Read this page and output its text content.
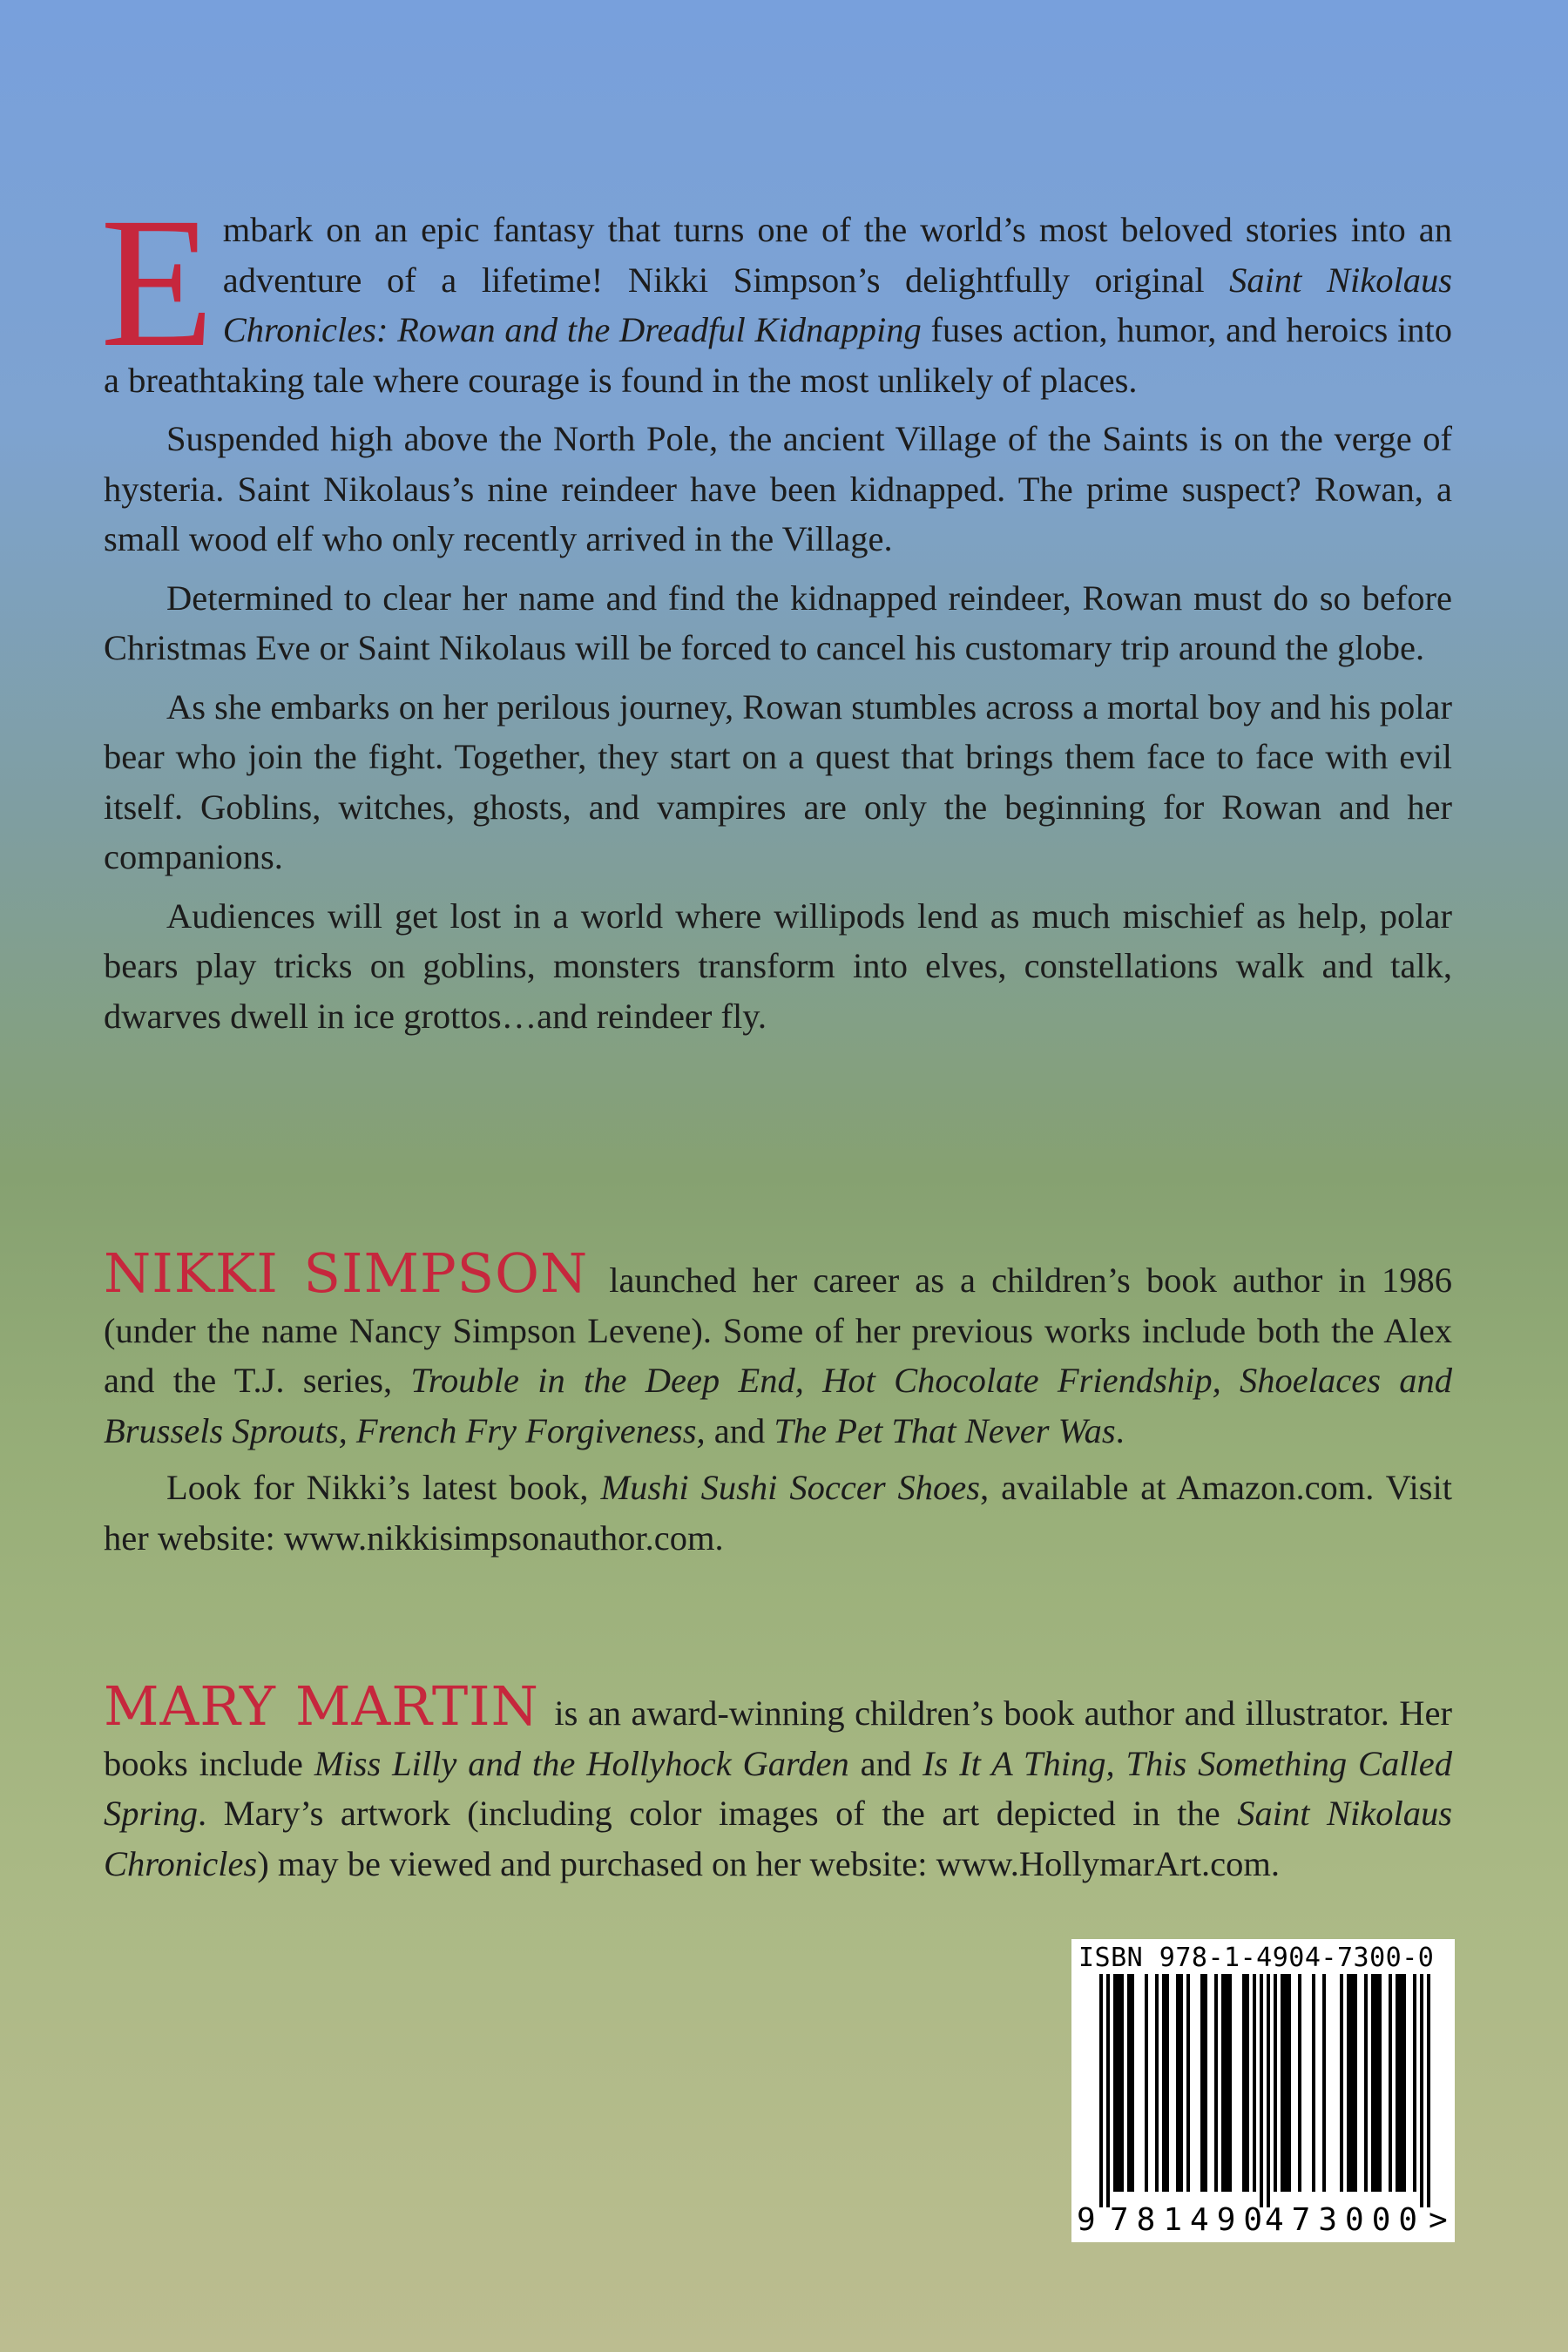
Embark on an epic fantasy that turns one of the world’s most beloved stories into an adventure of a lifetime! Nikki Simpson’s delightfully original Saint Nikolaus Chronicles: Rowan and the Dreadful Kidnapping fuses action, humor, and heroics into a breathtaking tale where courage is found in the most unlikely of places.

Suspended high above the North Pole, the ancient Village of the Saints is on the verge of hysteria. Saint Nikolaus’s nine reindeer have been kidnapped. The prime suspect? Rowan, a small wood elf who only recently arrived in the Village.

Determined to clear her name and find the kidnapped reindeer, Rowan must do so before Christmas Eve or Saint Nikolaus will be forced to cancel his customary trip around the globe.

As she embarks on her perilous journey, Rowan stumbles across a mortal boy and his polar bear who join the fight. Together, they start on a quest that brings them face to face with evil itself. Goblins, witches, ghosts, and vampires are only the beginning for Rowan and her companions.

Audiences will get lost in a world where willipods lend as much mischief as help, polar bears play tricks on goblins, monsters transform into elves, constellations walk and talk, dwarves dwell in ice grottos…and reindeer fly.

NIKKI SIMPSON launched her career as a children’s book author in 1986 (under the name Nancy Simpson Levene). Some of her previous works include both the Alex and the T.J. series, Trouble in the Deep End, Hot Chocolate Friendship, Shoelaces and Brussels Sprouts, French Fry Forgiveness, and The Pet That Never Was.

Look for Nikki’s latest book, Mushi Sushi Soccer Shoes, available at Amazon.com. Visit her website: www.nikkisimpsonauthor.com.

MARY MARTIN is an award-winning children’s book author and illustrator. Her books include Miss Lilly and the Hollyhock Garden and Is It A Thing, This Something Called Spring. Mary’s artwork (including color images of the art depicted in the Saint Nikolaus Chronicles) may be viewed and purchased on her website: www.HollymarArt.com.

ISBN 978-1-4904-7300-0
9 781490
473000 >
